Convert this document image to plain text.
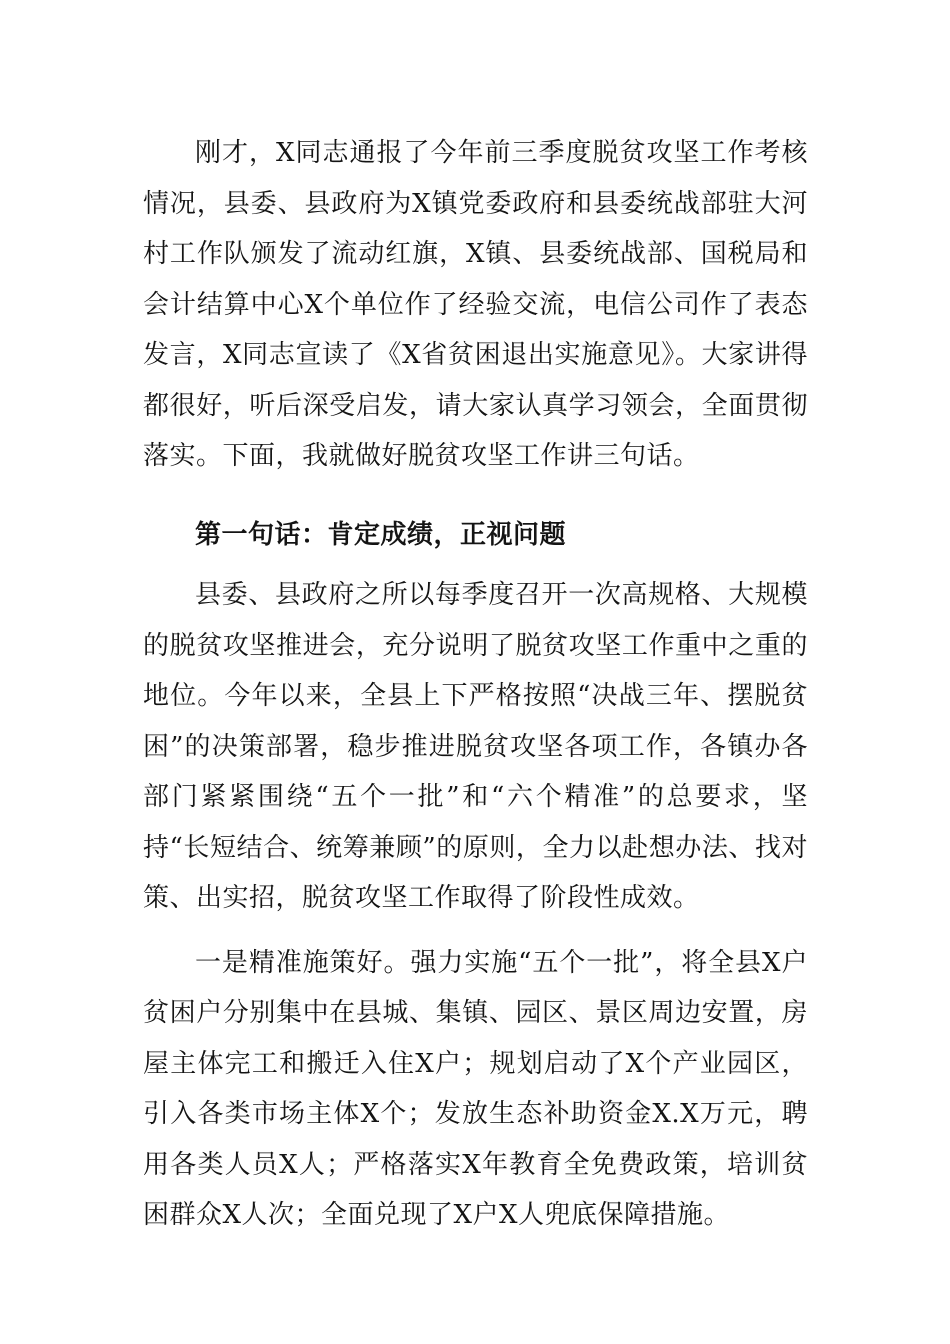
刚才，X同志通报了今年前三季度脱贫攻坚工作考核情况，县委、县政府为X镇党委政府和县委统战部驻大河村工作队颁发了流动红旗，X镇、县委统战部、国税局和会计结算中心X个单位作了经验交流，电信公司作了表态发言，X同志宣读了《X省贫困退出实施意见》。大家讲得都很好，听后深受启发，请大家认真学习领会，全面贯彻落实。下面，我就做好脱贫攻坚工作讲三句话。

第一句话：肯定成绩，正视问题

县委、县政府之所以每季度召开一次高规格、大规模的脱贫攻坚推进会，充分说明了脱贫攻坚工作重中之重的地位。今年以来，全县上下严格按照“决战三年、摆脱贫困”的决策部署，稳步推进脱贫攻坚各项工作，各镇办各部门紧紧围绕“五个一批”和“六个精准”的总要求，坚持“长短结合、统筹兼顾”的原则，全力以赴想办法、找对策、出实招，脱贫攻坚工作取得了阶段性成效。

一是精准施策好。强力实施“五个一批”，将全县X户贫困户分别集中在县城、集镇、园区、景区周边安置，房屋主体完工和搬迁入住X户；规划启动了X个产业园区，引入各类市场主体X个；发放生态补助资金X.X万元，聘用各类人员X人；严格落实X年教育全免费政策，培训贫困群众X人次；全面兑现了X户X人兜底保障措施。
